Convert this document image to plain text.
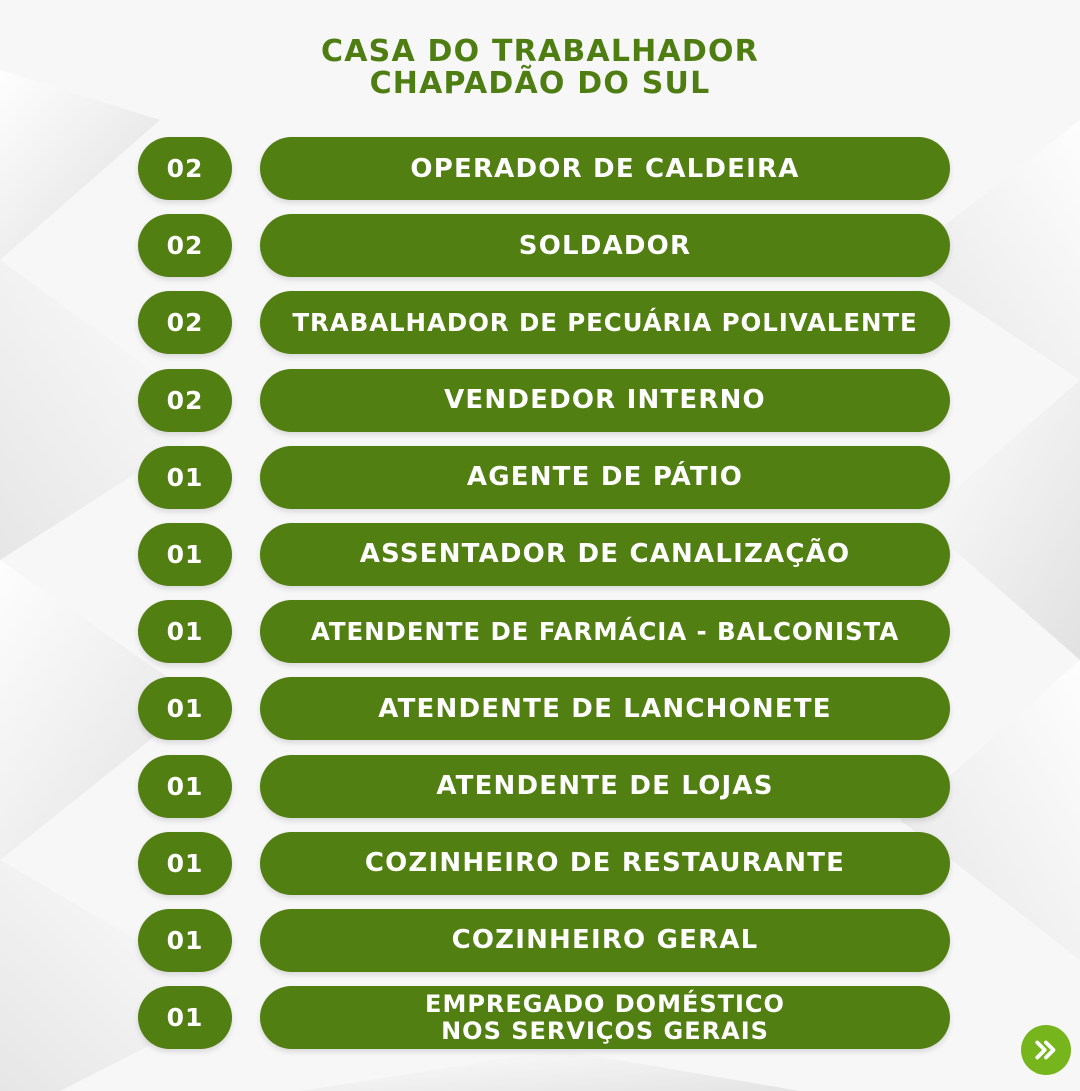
CASA DO TRABALHADOR
CHAPADÃO DO SUL
02	OPERADOR DE CALDEIRA
02	SOLDADOR
02	TRABALHADOR DE PECUÁRIA POLIVALENTE
02	VENDEDOR INTERNO
01	AGENTE DE PÁTIO
01	ASSENTADOR DE CANALIZAÇÃO
01	ATENDENTE DE FARMÁCIA - BALCONISTA
01	ATENDENTE DE LANCHONETE
01	ATENDENTE DE LOJAS
01	COZINHEIRO DE RESTAURANTE
01	COZINHEIRO GERAL
01	EMPREGADO DOMÉSTICO
NOS SERVIÇOS GERAIS
